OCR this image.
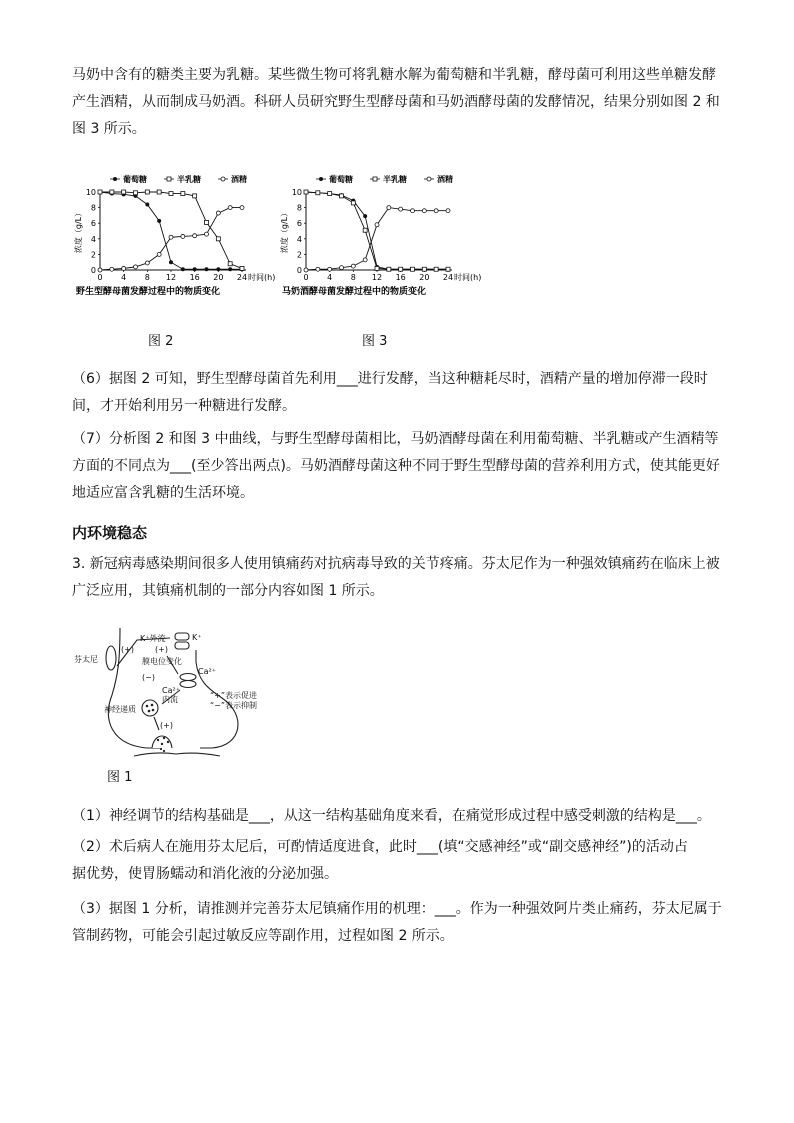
马奶中含有的糖类主要为乳糖。某些微生物可将乳糖水解为葡萄糖和半乳糖，酵母菌可利用这些单糖发酵
产生酒精，从而制成马奶酒。科研人员研究野生型酵母菌和马奶酒酵母菌的发酵情况，结果分别如图 2 和
图 3 所示。
葡萄糖	半乳糖	酒精
0
2
4
6
8
10
0 4 8 12 16 20 24 时间(h)
浓度（g/L）
野生型酵母菌发酵过程中的物质变化
葡萄糖	半乳糖	酒精
0
2
4
6
8
10
0 4 8 12 16 20 24 时间(h)
浓度（g/L）
马奶酒酵母菌发酵过程中的物质变化
图 2	图 3
（6）据图 2 可知，野生型酵母菌首先利用___进行发酵，当这种糖耗尽时，酒精产量的增加停滞一段时
间，才开始利用另一种糖进行发酵。
（7）分析图 2 和图 3 中曲线，与野生型酵母菌相比，马奶酒酵母菌在利用葡萄糖、半乳糖或产生酒精等
方面的不同点为___(至少答出两点)。马奶酒酵母菌这种不同于野生型酵母菌的营养利用方式，使其能更好
地适应富含乳糖的生活环境。
内环境稳态
3. 新冠病毒感染期间很多人使用镇痛药对抗病毒导致的关节疼痛。芬太尼作为一种强效镇痛药在临床上被
广泛应用，其镇痛机制的一部分内容如图 1 所示。
芬太尼
(+)
K⁺外流
(+)
K⁺
膜电位变化
(−)
Ca²⁺
Ca²⁺
内流	“+”表示促进
“−”表示抑制
神经递质
(+)
图 1
（1）神经调节的结构基础是___，从这一结构基础角度来看，在痛觉形成过程中感受刺激的结构是___。
（2）术后病人在施用芬太尼后，可酌情适度进食，此时___(填“交感神经”或“副交感神经”)的活动占
据优势，使胃肠蠕动和消化液的分泌加强。
（3）据图 1 分析，请推测并完善芬太尼镇痛作用的机理：___。作为一种强效阿片类止痛药，芬太尼属于
管制药物，可能会引起过敏反应等副作用，过程如图 2 所示。
